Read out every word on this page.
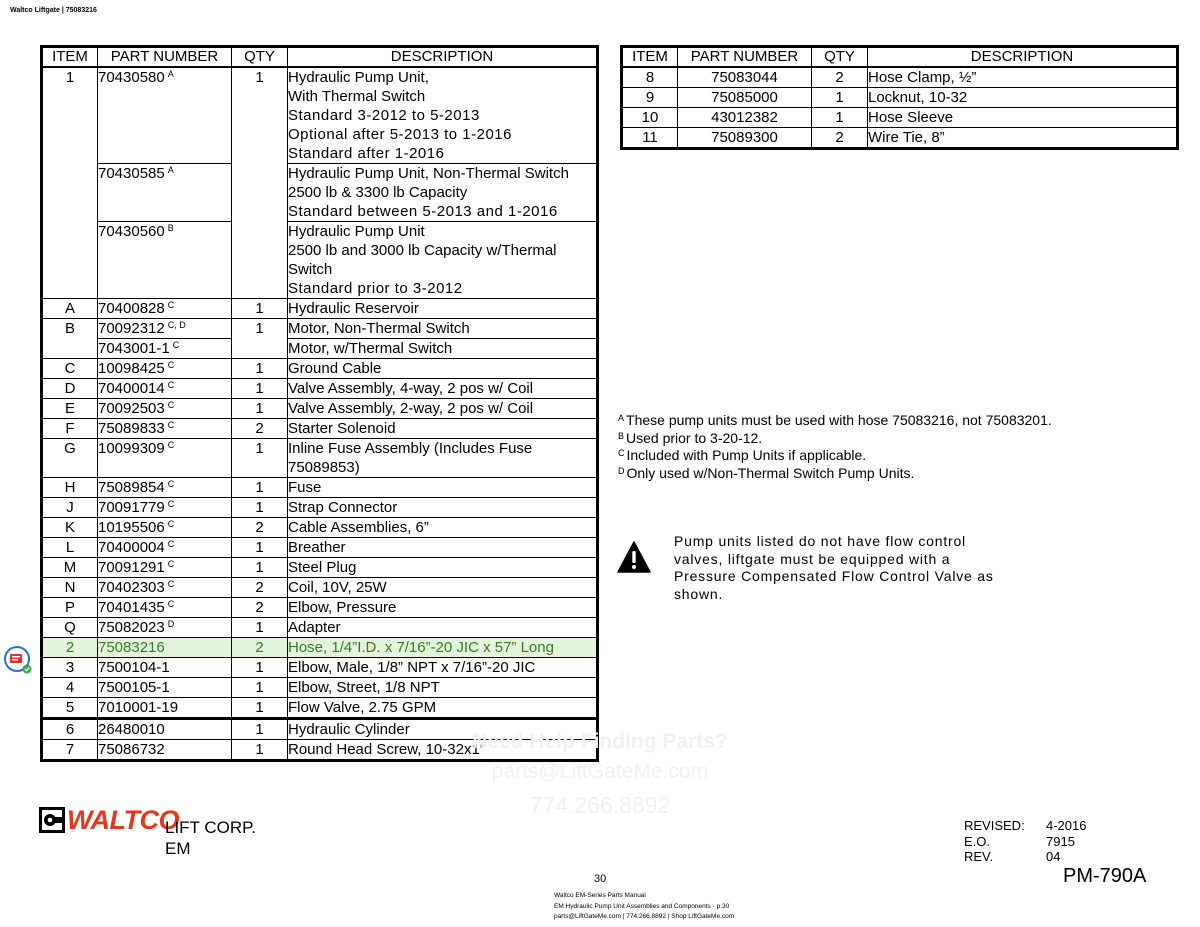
Waltco Liftgate | 75083216
ITEM	PART NUMBER	QTY	DESCRIPTION
1	70430580 $^A$	1	Hydraulic Pump Unit,
With Thermal Switch
Standard 3-2012 to 5-2013
Optional after 5-2013 to 1-2016
Standard after 1-2016

	70430585 $^A$		Hydraulic Pump Unit, Non-Thermal Switch
2500 lb & 3300 lb Capacity
Standard between 5-2013 and 1-2016

	70430560 $^B$		Hydraulic Pump Unit
2500 lb and 3000 lb Capacity w/Thermal
Switch
Standard prior to 3-2012

A	70400828 $^C$	1	Hydraulic Reservoir
B	70092312 $^{C, D}$	1	Motor, Non-Thermal Switch
	7043001-1 $^C$		Motor, w/Thermal Switch
C	10098425 $^C$	1	Ground Cable
D	70400014 $^C$	1	Valve Assembly, 4-way, 2 pos w/ Coil
E	70092503 $^C$	1	Valve Assembly, 2-way, 2 pos w/ Coil
F	75089833 $^C$	2	Starter Solenoid
G	10099309 $^C$	1	Inline Fuse Assembly (Includes Fuse
75089853)

H	75089854 $^C$	1	Fuse
J	70091779 $^C$	1	Strap Connector
K	10195506 $^C$	2	Cable Assemblies, 6”
L	70400004 $^C$	1	Breather
M	70091291 $^C$	1	Steel Plug
N	70402303 $^C$	2	Coil, 10V, 25W
P	70401435 $^C$	2	Elbow, Pressure
Q	75082023 $^D$	1	Adapter
2	75083216	2	Hose, 1/4”I.D. x 7/16”-20 JIC x 57” Long
3	7500104-1	1	Elbow, Male, 1/8” NPT x 7/16”-20 JIC
4	7500105-1	1	Elbow, Street, 1/8 NPT
5	7010001-19	1	Flow Valve, 2.75 GPM
6	26480010	1	Hydraulic Cylinder
7	75086732	1	Round Head Screw, 10-32x1”
ITEM	PART NUMBER	QTY	DESCRIPTION
8	75083044	2	Hose Clamp, ½”
9	75085000	1	Locknut, 10-32
10	43012382	1	Hose Sleeve
11	75089300	2	Wire Tie, 8”
$^A$ These pump units must be used with hose 75083216, not 75083201.
$^B$ Used prior to 3-20-12.
$^C$ Included with Pump Units if applicable.
$^D$ Only used w/Non-Thermal Switch Pump Units.
Pump units listed do not have flow control
valves, liftgate must be equipped with a
Pressure Compensated Flow Control Valve as
shown.
Need Help Finding Parts?
parts@LiftGateMe.com
774.266.8892
WALTCO
LIFT CORP.
EM
REVISED: 4-2016
E.O.	7915
REV.	04
PM-790A
30
Waltco EM-Series Parts Manual
EM Hydraulic Pump Unit Assemblies and Components · p.30
parts@LiftGateMe.com | 774.266.8892 | Shop LiftGateMe.com
